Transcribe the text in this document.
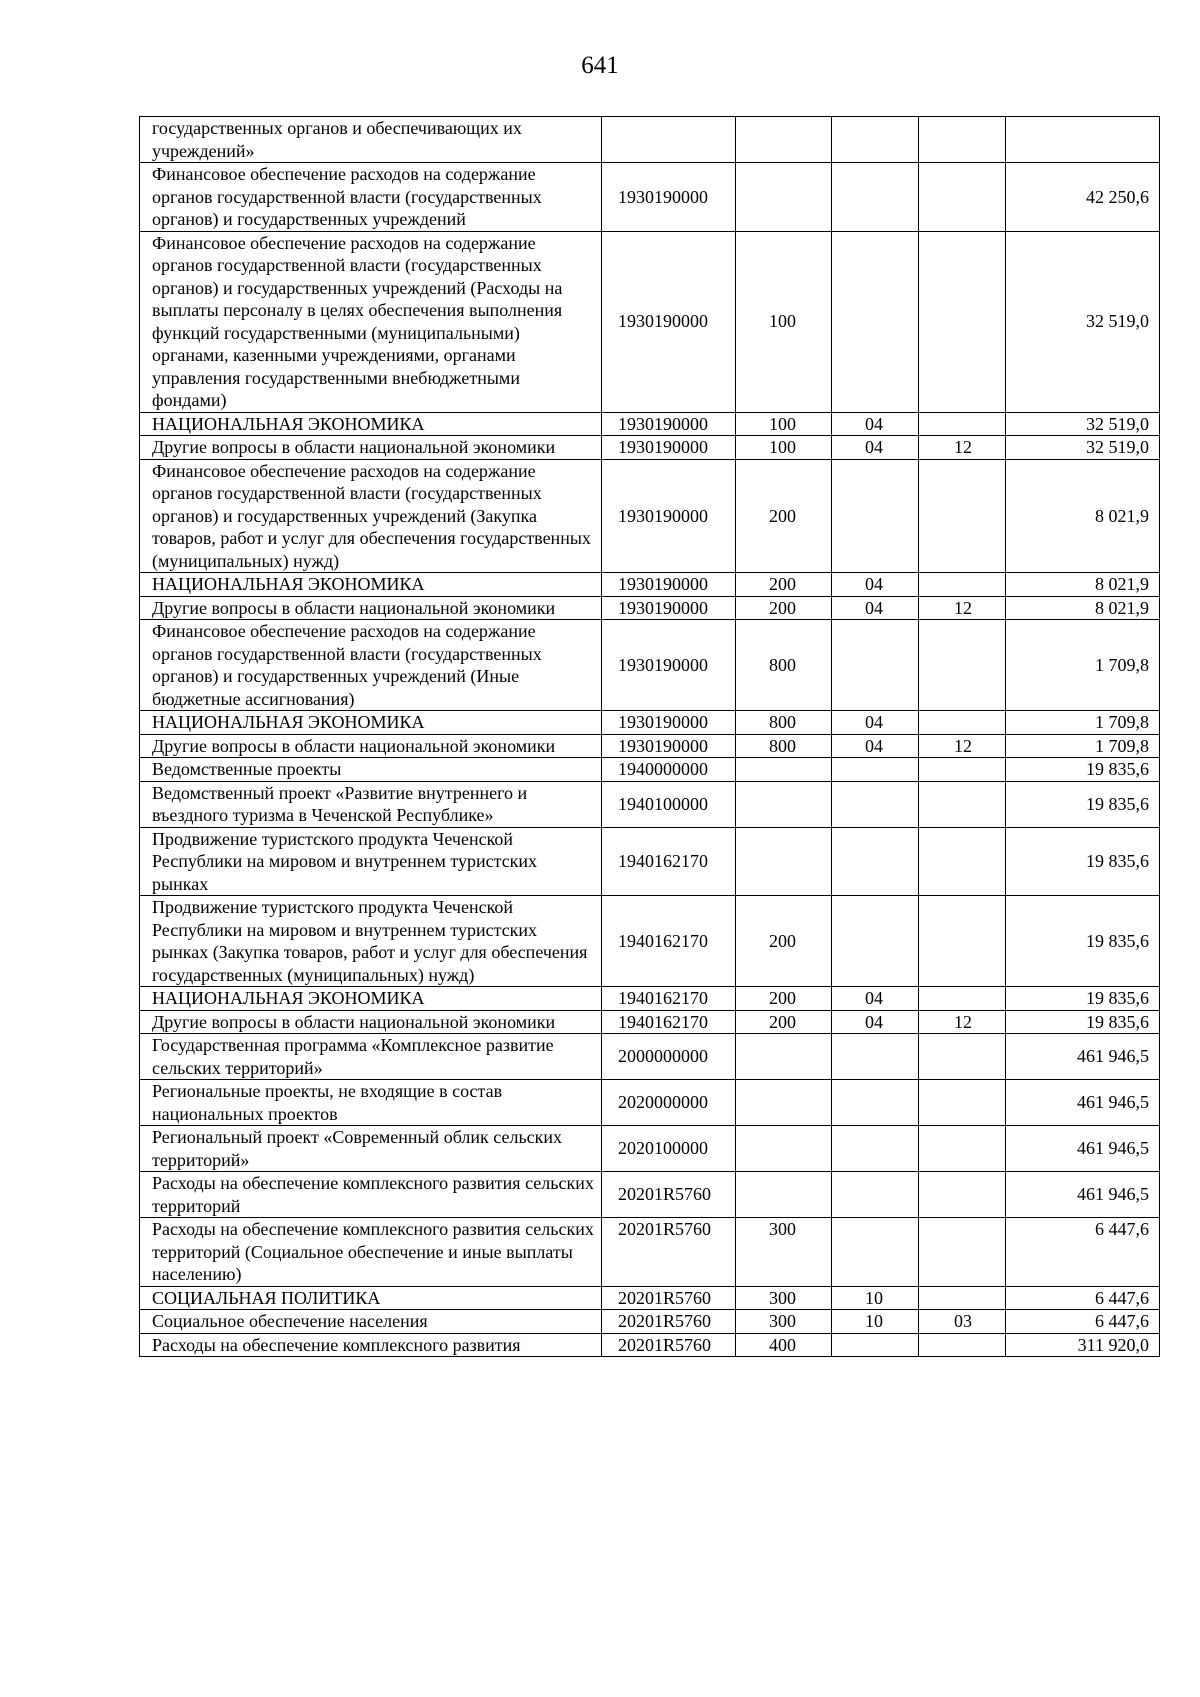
641
государственных органов и обеспечивающих их учреждений»					
Финансовое обеспечение расходов на содержание органов государственной власти (государственных органов) и государственных учреждений	1930190000				42 250,6
Финансовое обеспечение расходов на содержание органов государственной власти (государственных органов) и государственных учреждений (Расходы на выплаты персоналу в целях обеспечения выполнения функций государственными (муниципальными) органами, казенными учреждениями, органами управления государственными внебюджетными фондами)	1930190000	100			32 519,0
НАЦИОНАЛЬНАЯ ЭКОНОМИКА	1930190000	100	04		32 519,0
Другие вопросы в области национальной экономики	1930190000	100	04	12	32 519,0
Финансовое обеспечение расходов на содержание органов государственной власти (государственных органов) и государственных учреждений (Закупка товаров, работ и услуг для обеспечения государственных (муниципальных) нужд)	1930190000	200			8 021,9
НАЦИОНАЛЬНАЯ ЭКОНОМИКА	1930190000	200	04		8 021,9
Другие вопросы в области национальной экономики	1930190000	200	04	12	8 021,9
Финансовое обеспечение расходов на содержание органов государственной власти (государственных органов) и государственных учреждений (Иные бюджетные ассигнования)	1930190000	800			1 709,8
НАЦИОНАЛЬНАЯ ЭКОНОМИКА	1930190000	800	04		1 709,8
Другие вопросы в области национальной экономики	1930190000	800	04	12	1 709,8
Ведомственные проекты	1940000000				19 835,6
Ведомственный проект «Развитие внутреннего и въездного туризма в Чеченской Республике»	1940100000				19 835,6
Продвижение туристского продукта Чеченской Республики на мировом и внутреннем туристских рынках	1940162170				19 835,6
Продвижение туристского продукта Чеченской Республики на мировом и внутреннем туристских рынках (Закупка товаров, работ и услуг для обеспечения государственных (муниципальных) нужд)	1940162170	200			19 835,6
НАЦИОНАЛЬНАЯ ЭКОНОМИКА	1940162170	200	04		19 835,6
Другие вопросы в области национальной экономики	1940162170	200	04	12	19 835,6
Государственная программа «Комплексное развитие сельских территорий»	2000000000				461 946,5
Региональные проекты, не входящие в состав национальных проектов	2020000000				461 946,5
Региональный проект «Современный облик сельских территорий»	2020100000				461 946,5
Расходы на обеспечение комплексного развития сельских территорий	20201R5760				461 946,5
Расходы на обеспечение комплексного развития сельских территорий (Социальное обеспечение и иные выплаты населению)	20201R5760	300			6 447,6
СОЦИАЛЬНАЯ ПОЛИТИКА	20201R5760	300	10		6 447,6
Социальное обеспечение населения	20201R5760	300	10	03	6 447,6
Расходы на обеспечение комплексного развития	20201R5760	400			311 920,0
